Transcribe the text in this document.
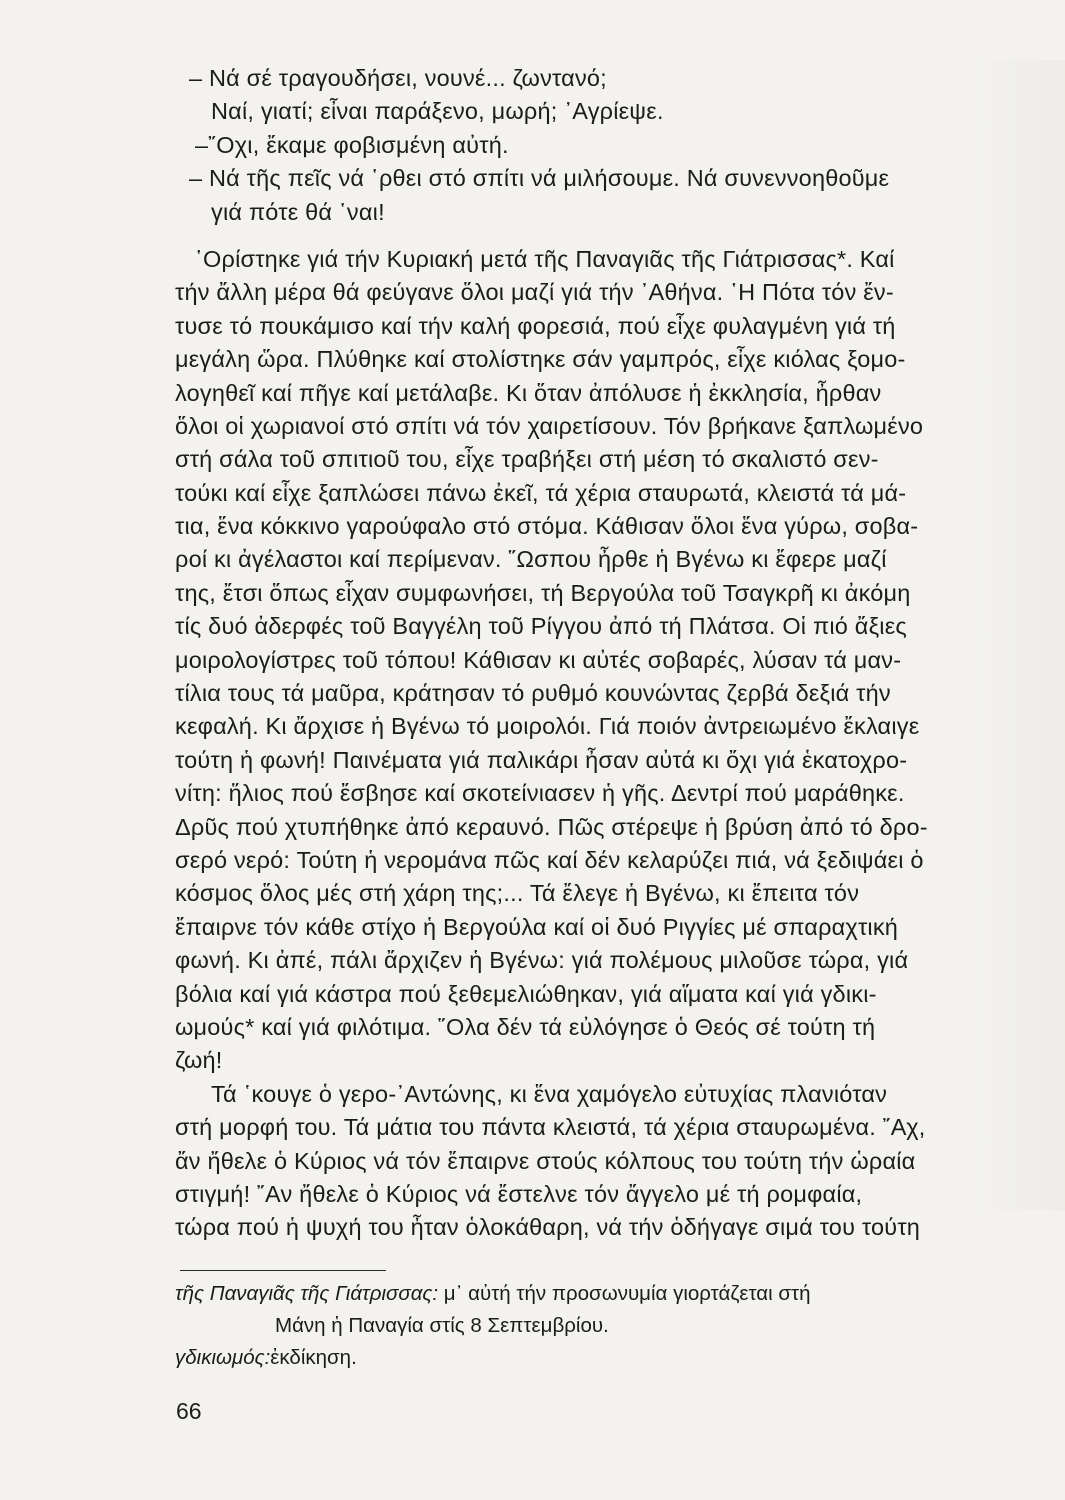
– Νά σέ τραγουδήσει, νουνέ... ζωντανό;
Ναί, γιατί; εἶναι παράξενο, μωρή; ᾿Αγρίεψε.
–῎Οχι, ἔκαμε φοβισμένη αὐτή.
– Νά τῆς πεῖς νά ῾ρθει στό σπίτι νά μιλήσουμε. Νά συνεννοηθοῦμε
γιά πότε θά ῾ναι!
῾Ορίστηκε γιά τήν Κυριακή μετά τῆς Παναγιᾶς τῆς Γιάτρισσας*. Καί
τήν ἄλλη μέρα θά φεύγανε ὅλοι μαζί γιά τήν ᾿Αθήνα. ῾Η Πότα τόν ἔν-
τυσε τό πουκάμισο καί τήν καλή φορεσιά, πού εἶχε φυλαγμένη γιά τή
μεγάλη ὥρα. Πλύθηκε καί στολίστηκε σάν γαμπρός, εἶχε κιόλας ξομο-
λογηθεῖ καί πῆγε καί μετάλαβε. Κι ὅταν ἀπόλυσε ἡ ἐκκλησία, ἦρθαν
ὅλοι οἱ χωριανοί στό σπίτι νά τόν χαιρετίσουν. Τόν βρήκανε ξαπλωμένο
στή σάλα τοῦ σπιτιοῦ του, εἶχε τραβήξει στή μέση τό σκαλιστό σεν-
τούκι καί εἶχε ξαπλώσει πάνω ἐκεῖ, τά χέρια σταυρωτά, κλειστά τά μά-
τια, ἕνα κόκκινο γαρούφαλο στό στόμα. Κάθισαν ὅλοι ἕνα γύρω, σοβα-
ροί κι ἀγέλαστοι καί περίμεναν. ῞Ωσπου ἦρθε ἡ Βγένω κι ἔφερε μαζί
της, ἔτσι ὅπως εἶχαν συμφωνήσει, τή Βεργούλα τοῦ Τσαγκρῆ κι ἀκόμη
τίς δυό ἀδερφές τοῦ Βαγγέλη τοῦ Ρίγγου ἀπό τή Πλάτσα. Οἱ πιό ἄξιες
μοιρολογίστρες τοῦ τόπου! Κάθισαν κι αὐτές σοβαρές, λύσαν τά μαν-
τίλια τους τά μαῦρα, κράτησαν τό ρυθμό κουνώντας ζερβά δεξιά τήν
κεφαλή. Κι ἄρχισε ἡ Βγένω τό μοιρολόι. Γιά ποιόν ἀντρειωμένο ἔκλαιγε
τούτη ἡ φωνή! Παινέματα γιά παλικάρι ἦσαν αὐτά κι ὄχι γιά ἑκατοχρο-
νίτη: ἥλιος πού ἔσβησε καί σκοτείνιασεν ἡ γῆς. Δεντρί πού μαράθηκε.
Δρῦς πού χτυπήθηκε ἀπό κεραυνό. Πῶς στέρεψε ἡ βρύση ἀπό τό δρο-
σερό νερό: Τούτη ἡ νερομάνα πῶς καί δέν κελαρύζει πιά, νά ξεδιψάει ὁ
κόσμος ὅλος μές στή χάρη της;... Τά ἔλεγε ἡ Βγένω, κι ἔπειτα τόν
ἔπαιρνε τόν κάθε στίχο ἡ Βεργούλα καί οἱ δυό Ριγγίες μέ σπαραχτική
φωνή. Κι ἀπέ, πάλι ἄρχιζεν ἡ Βγένω: γιά πολέμους μιλοῦσε τώρα, γιά
βόλια καί γιά κάστρα πού ξεθεμελιώθηκαν, γιά αἵματα καί γιά γδικι-
ωμούς* καί γιά φιλότιμα. ῞Ολα δέν τά εὐλόγησε ὁ Θεός σέ τούτη τή
ζωή!
Τά ῾κουγε ὁ γερο-᾿Αντώνης, κι ἕνα χαμόγελο εὐτυχίας πλανιόταν
στή μορφή του. Τά μάτια του πάντα κλειστά, τά χέρια σταυρωμένα. ῎Αχ,
ἄν ἤθελε ὁ Κύριος νά τόν ἔπαιρνε στούς κόλπους του τούτη τήν ὡραία
στιγμή! ῎Αν ἤθελε ὁ Κύριος νά ἔστελνε τόν ἄγγελο μέ τή ρομφαία,
τώρα πού ἡ ψυχή του ἦταν ὁλοκάθαρη, νά τήν ὁδήγαγε σιμά του τούτη
τῆς Παναγιᾶς τῆς Γιάτρισσας: μ᾿ αὐτή τήν προσωνυμία γιορτάζεται στή
Μάνη ἡ Παναγία στίς 8 Σεπτεμβρίου.
γδικιωμός:ἐκδίκηση.
66
